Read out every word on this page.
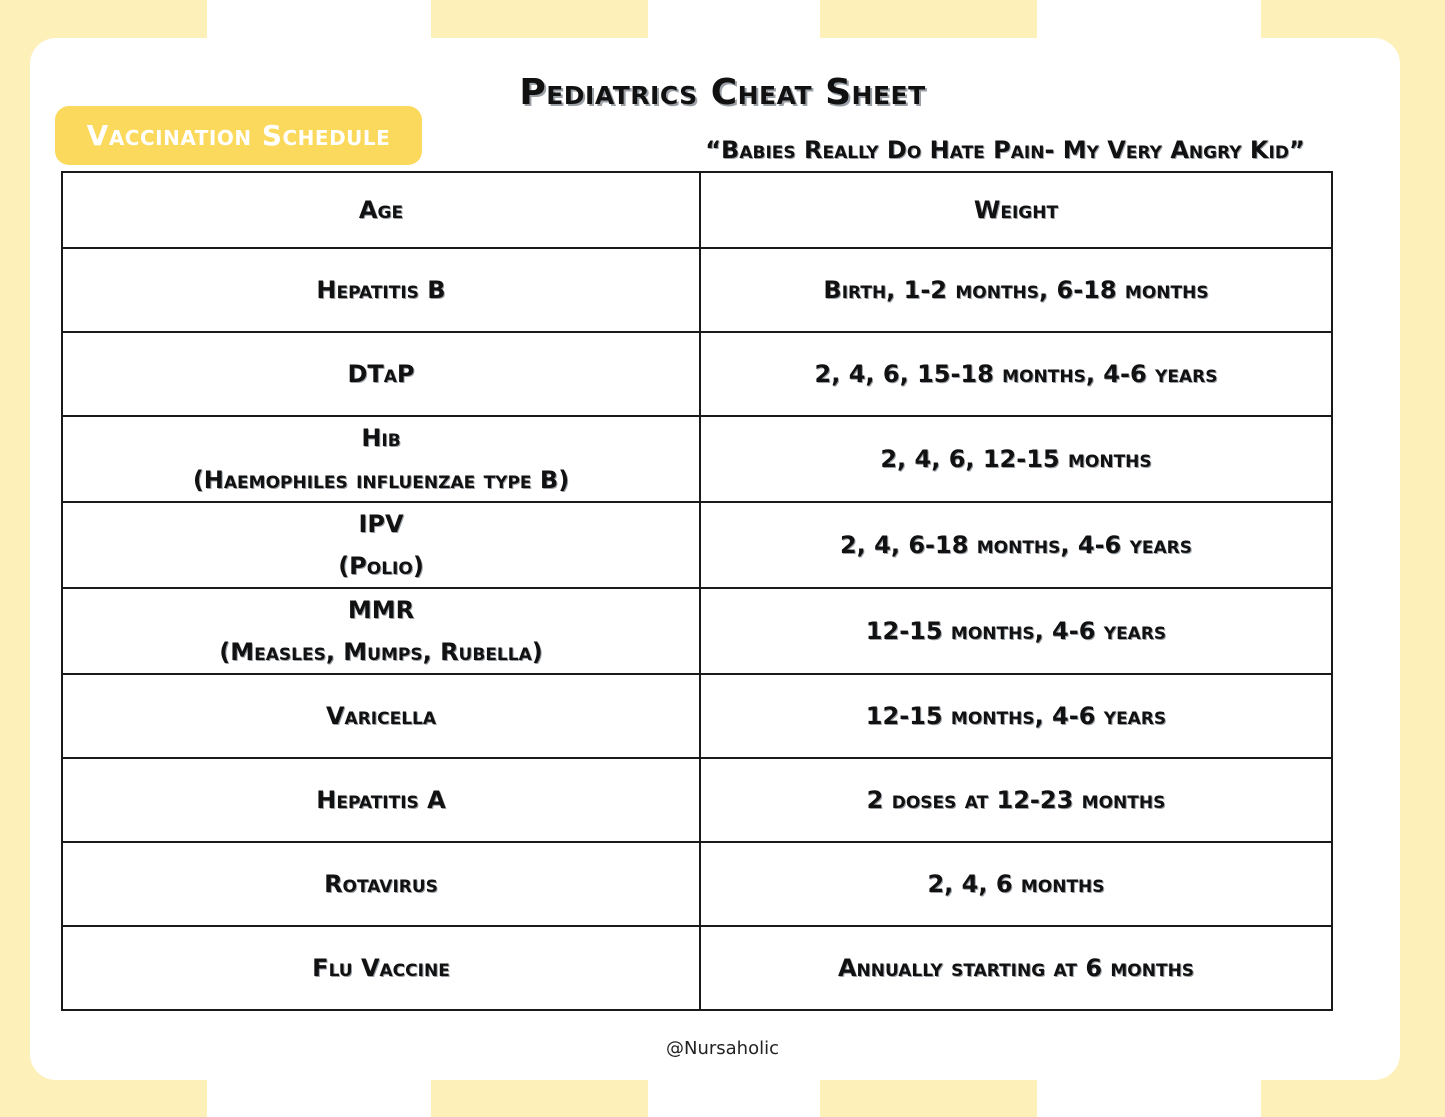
Pediatrics Cheat Sheet
Vaccination Schedule	“Babies Really Do Hate Pain- My Very Angry Kid”
Age	Weight

Hepatitis B	Birth, 1-2 months, 6-18 months

DTaP	2, 4, 6, 15-18 months, 4-6 years

Hib
(Haemophiles influenzae type B)	2, 4, 6, 12-15 months

IPV
(Polio)	2, 4, 6-18 months, 4-6 years

MMR
(Measles, Mumps, Rubella)	12-15 months, 4-6 years

Varicella	12-15 months, 4-6 years

Hepatitis A	2 doses at 12-23 months

Rotavirus	2, 4, 6 months

Flu Vaccine	Annually starting at 6 months
@Nursaholic
